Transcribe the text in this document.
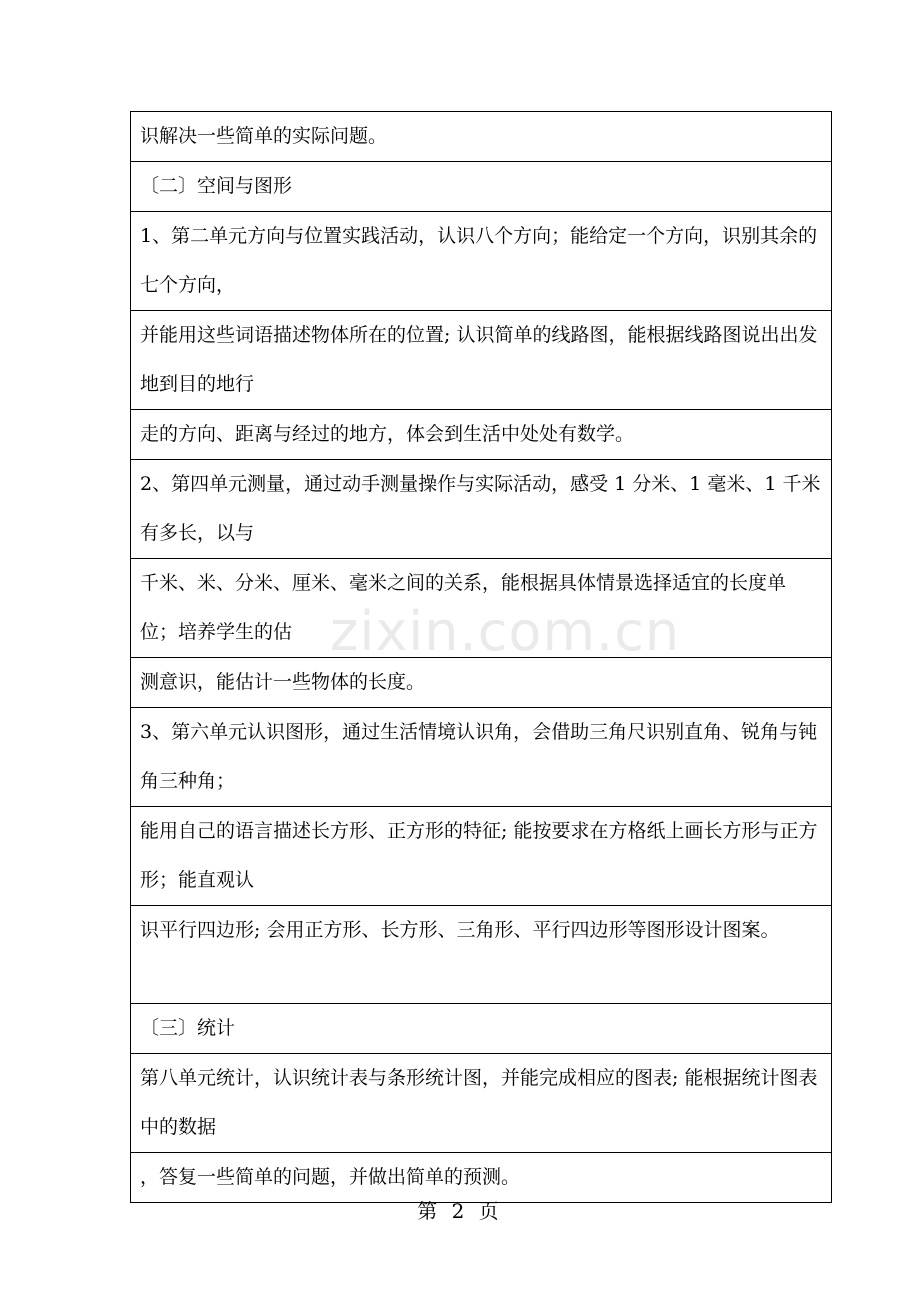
识解决一些简单的实际问题。
〔二〕空间与图形
1、第二单元方向与位置实践活动，认识八个方向；能给定一个方向，识别其余的七个方向，
并能用这些词语描述物体所在的位置; 认识简单的线路图，能根据线路图说出出发地到目的地行
走的方向、距离与经过的地方，体会到生活中处处有数学。
2、第四单元测量，通过动手测量操作与实际活动，感受 1 分米、1 毫米、1 千米有多长，以与
千米、米、分米、厘米、毫米之间的关系，能根据具体情景选择适宜的长度单位；培养学生的估
测意识，能估计一些物体的长度。
3、第六单元认识图形，通过生活情境认识角，会借助三角尺识别直角、锐角与钝角三种角；
能用自己的语言描述长方形、正方形的特征; 能按要求在方格纸上画长方形与正方形；能直观认
识平行四边形; 会用正方形、长方形、三角形、平行四边形等图形设计图案。
〔三〕统计
第八单元统计，认识统计表与条形统计图，并能完成相应的图表; 能根据统计图表中的数据
，答复一些简单的问题，并做出简单的预测。
zixin.com.cn
第 2 页
